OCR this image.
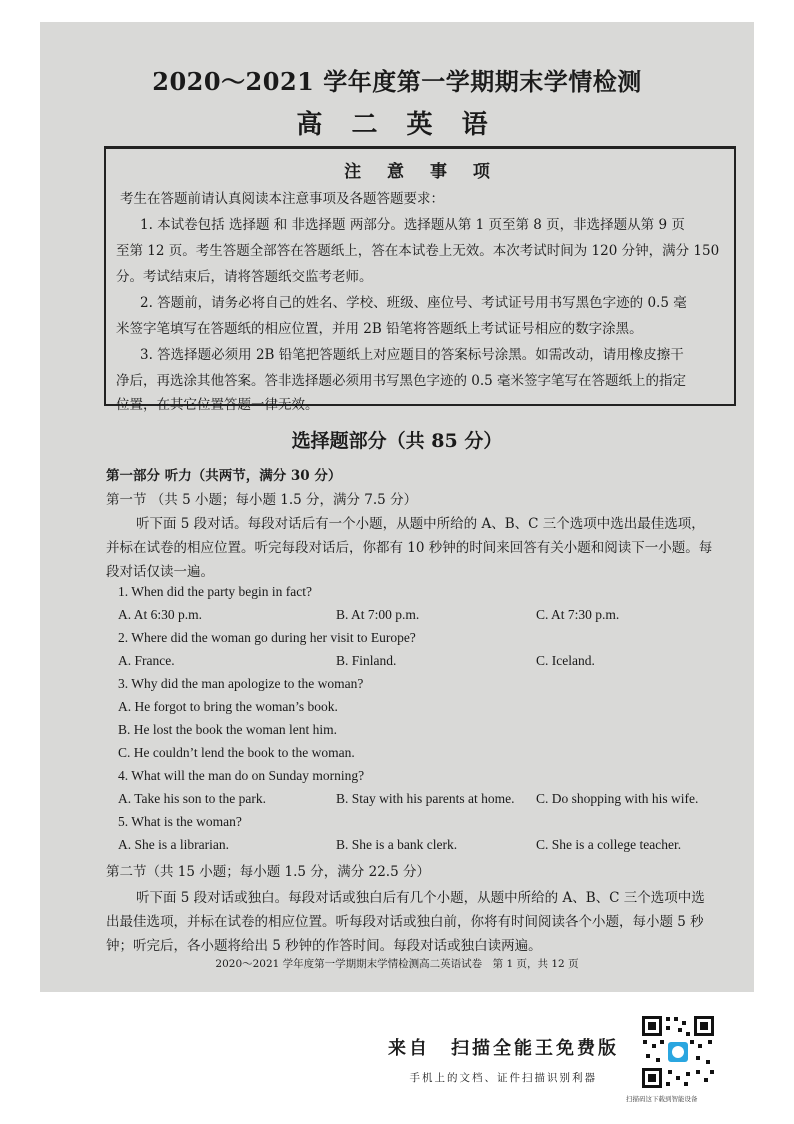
2020～2021 学年度第一学期期末学情检测
高 二 英 语
注 意 事 项
考生在答题前请认真阅读本注意事项及各题答题要求：
1. 本试卷包括 选择题 和 非选择题 两部分。选择题从第 1 页至第 8 页，非选择题从第 9 页
至第 12 页。考生答题全部答在答题纸上，答在本试卷上无效。本次考试时间为 120 分钟，满分 150
分。考试结束后，请将答题纸交监考老师。
2. 答题前，请务必将自己的姓名、学校、班级、座位号、考试证号用书写黑色字迹的 0.5 毫
米签字笔填写在答题纸的相应位置，并用 2B 铅笔将答题纸上考试证号相应的数字涂黑。
3. 答选择题必须用 2B 铅笔把答题纸上对应题目的答案标号涂黑。如需改动，请用橡皮擦干
净后，再选涂其他答案。答非选择题必须用书写黑色字迹的 0.5 毫米签字笔写在答题纸上的指定
位置，在其它位置答题一律无效。
选择题部分（共 85 分）
第一部分 听力（共两节，满分 30 分）
第一节 （共 5 小题；每小题 1.5 分，满分 7.5 分）
听下面 5 段对话。每段对话后有一个小题，从题中所给的 A、B、C 三个选项中选出最佳选项，
并标在试卷的相应位置。听完每段对话后，你都有 10 秒钟的时间来回答有关小题和阅读下一小题。每
段对话仅读一遍。
1. When did the party begin in fact?
A. At 6:30 p.m.	B. At 7:00 p.m.	C. At 7:30 p.m.
2. Where did the woman go during her visit to Europe?
A. France.	B. Finland.	C. Iceland.
3. Why did the man apologize to the woman?
A. He forgot to bring the woman’s book.
B. He lost the book the woman lent him.
C. He couldn’t lend the book to the woman.
4. What will the man do on Sunday morning?
A. Take his son to the park.	B. Stay with his parents at home. C. Do shopping with his wife.
5. What is the woman?
A. She is a librarian.	B. She is a bank clerk.	C. She is a college teacher.
第二节（共 15 小题；每小题 1.5 分，满分 22.5 分）
听下面 5 段对话或独白。每段对话或独白后有几个小题，从题中所给的 A、B、C 三个选项中选
出最佳选项，并标在试卷的相应位置。听每段对话或独白前，你将有时间阅读各个小题，每小题 5 秒
钟；听完后，各小题将给出 5 秒钟的作答时间。每段对话或独白读两遍。
2020～2021 学年度第一学期期末学情检测高二英语试卷　第 1 页，共 12 页
来自　扫描全能王免费版
手机上的文档、证件扫描识别利器
扫描码这下载到智能设备
